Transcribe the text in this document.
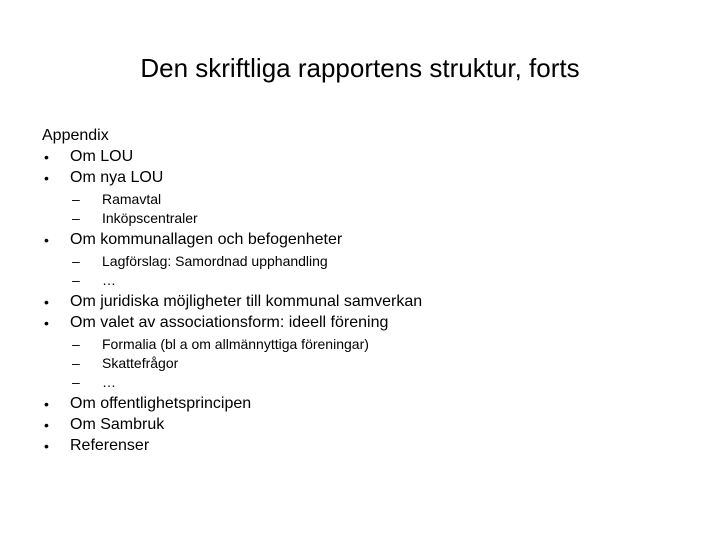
Den skriftliga rapportens struktur, forts
Appendix
• Om LOU
• Om nya LOU
– Ramavtal
– Inköpscentraler
• Om kommunallagen och befogenheter
– Lagförslag: Samordnad upphandling
– …
• Om juridiska möjligheter till kommunal samverkan
• Om valet av associationsform: ideell förening
– Formalia (bl a om allmännyttiga föreningar)
– Skattefrågor
– …
• Om offentlighetsprincipen
• Om Sambruk
• Referenser
